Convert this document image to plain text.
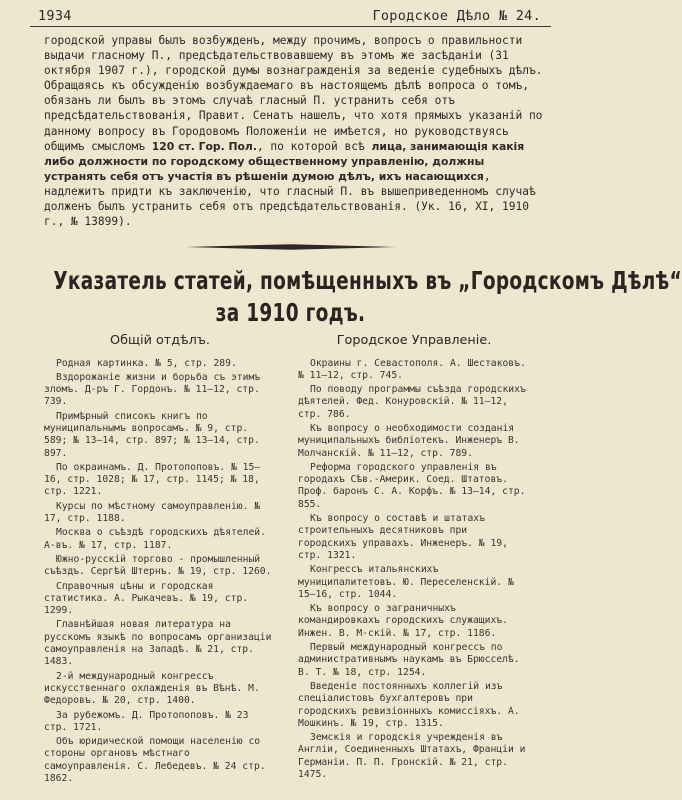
1934	Городское Дѣло № 24.

городской управы былъ возбужденъ, между прочимъ, вопросъ о правильности выдачи гласному П., предсѣдательствовавшему въ этомъ же засѣданіи (31 октября 1907 г.), городской думы вознагражденія за веденіе судебныхъ дѣлъ. Обращаясь къ обсужденію возбуждаемаго въ настоящемъ дѣлѣ вопроса о томъ, обязанъ ли былъ въ этомъ случаѣ гласный П. устранить себя отъ предсѣдательствованія, Правит. Сенатъ нашелъ, что хотя прямыхъ указаній по данному вопросу въ Городовомъ Положеніи не имѣется, но руководствуясь общимъ смысломъ 120 ст. Гор. Пол., по которой всѣ лица, занимающія какія либо должности по городскому общественному управленію, должны устранять себя отъ участія въ рѣшеніи думою дѣлъ, ихъ насающихся, надлежитъ придти къ заключенію, что гласный П. въ вышеприведенномъ случаѣ долженъ былъ устранить себя отъ предсѣдательствованія. (Ук. 16, XI, 1910 г., № 13899).

Указатель статей, помѣщенныхъ въ „Городскомъ Дѣлѣ“
за 1910 годъ.
Общій отдѣлъ.

Родная картинка. № 5, стр. 289.

Вздорожаніе жизни и борьба съ этимъ зломъ. Д-ръ Г. Гордонъ. № 11—12, стр. 739.

Примѣрный списокъ книгъ по муниципальнымъ вопросамъ. № 9, стр. 589; № 13—14, стр. 897; № 13—14, стр. 897.

По окраинамъ. Д. Протопоповъ. № 15—16, стр. 1028; № 17, стр. 1145; № 18, стр. 1221.

Курсы по мѣстному самоуправленію. № 17, стр. 1188.

Москва о съѣздѣ городскихъ дѣятелей. А-въ. № 17, стр. 1187.

Южно-русскій торгово - промышленный съѣздъ. Сергѣй Штернъ. № 19, стр. 1260.

Справочныя цѣны и городская статистика. А. Рыкачевъ. № 19, стр. 1299.

Главнѣйшая новая литература на русскомъ языкѣ по вопросамъ организаціи самоуправленія на Западѣ. № 21, стр. 1483.

2-й международный конгрессъ искусственнаго охлажденія въ Вѣнѣ. М. Федоровъ. № 20, стр. 1400.

За рубежомъ. Д. Протопоповъ. № 23 стр. 1721.

Объ юридической помощи населенію со стороны органовъ мѣстнаго самоуправленія. С. Лебедевъ. № 24 стр. 1862.

Городское Управленіе.

Окраины г. Севастополя. А. Шестаковъ. № 11—12, стр. 745.

По поводу программы съѣзда городскихъ дѣятелей. Фед. Конуровскій. № 11—12, стр. 786.

Къ вопросу о необходимости созданія муниципальныхъ библіотекъ. Инженеръ В. Молчанскій. № 11—12, стр. 789.

Реформа городского управленія въ городахъ Сѣв.-Америк. Соед. Штатовъ. Проф. баронъ С. А. Корфъ. № 13—14, стр. 855.

Къ вопросу о составѣ и штатахъ строительныхъ десятниковъ при городскихъ управахъ. Инженеръ. № 19, стр. 1321.

Конгрессъ итальянскихъ муниципалитетовъ. Ю. Переселенскій. № 15—16, стр. 1044.

Къ вопросу о заграничныхъ командировкахъ городскихъ служащихъ. Инжен. В. М-скій. № 17, стр. 1186.

Первый международный конгрессъ по административнымъ наукамъ въ Брюсселѣ. В. Т. № 18, стр. 1254.

Введеніе постоянныхъ коллегій изъ спеціалистовъ бухгалтеровъ при городскихъ ревизіонныхъ комиссіяхъ. А. Мошкинъ. № 19, стр. 1315.

Земскія и городскія учрежденія въ Англіи, Соединенныхъ Штатахъ, Франціи и Германіи. П. П. Гронскій. № 21, стр. 1475.
